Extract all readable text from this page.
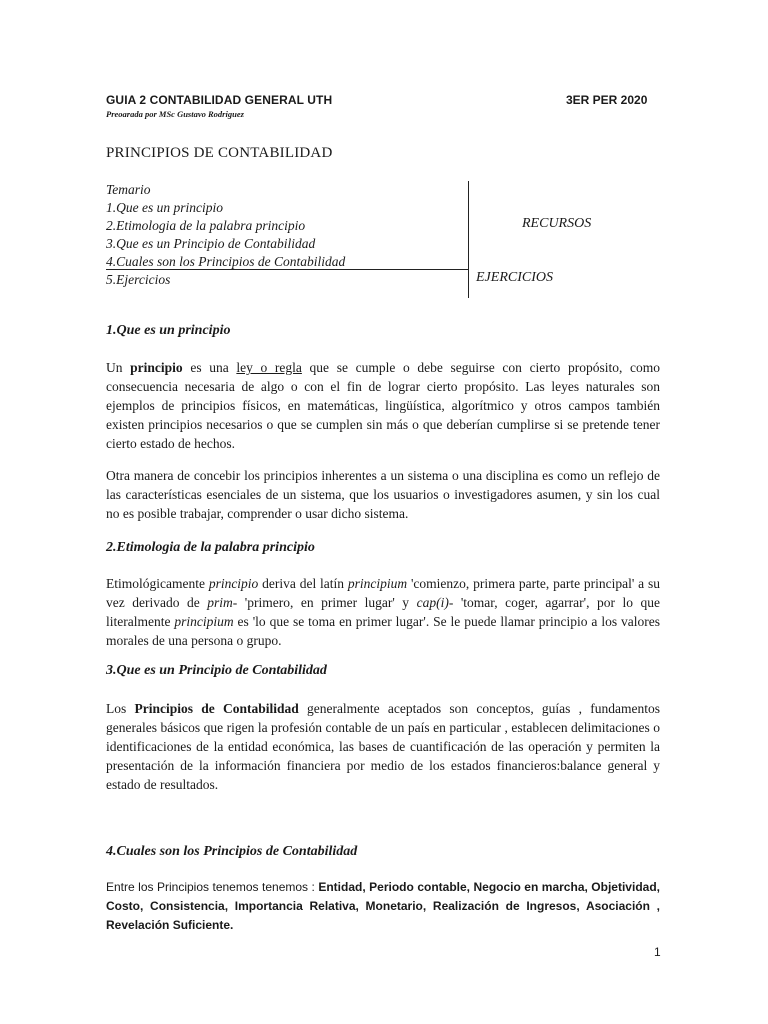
GUIA 2 CONTABILIDAD GENERAL UTH	3ER PER 2020
Preoarada por MSc Gustavo Rodriguez
PRINCIPIOS DE CONTABILIDAD
Temario
1.Que es un principio
2.Etimologia de la palabra principio
3.Que es un Principio de Contabilidad
4.Cuales son los Principios de Contabilidad
5.Ejercicios
RECURSOS
EJERCICIOS
1.Que es un principio
Un principio es una ley o regla que se cumple o debe seguirse con cierto propósito, como consecuencia necesaria de algo o con el fin de lograr cierto propósito. Las leyes naturales son ejemplos de principios físicos, en matemáticas, lingüística, algorítmico y otros campos también existen principios necesarios o que se cumplen sin más o que deberían cumplirse si se pretende tener cierto estado de hechos.
Otra manera de concebir los principios inherentes a un sistema o una disciplina es como un reflejo de las características esenciales de un sistema, que los usuarios o investigadores asumen, y sin los cual no es posible trabajar, comprender o usar dicho sistema.
2.Etimologia de la palabra principio
Etimológicamente principio deriva del latín principium 'comienzo, primera parte, parte principal' a su vez derivado de prim- 'primero, en primer lugar' y cap(i)- 'tomar, coger, agarrar', por lo que literalmente principium es 'lo que se toma en primer lugar'. Se le puede llamar principio a los valores morales de una persona o grupo.
3.Que es un Principio de Contabilidad
Los Principios de Contabilidad generalmente aceptados son conceptos, guías , fundamentos generales básicos que rigen la profesión contable de un país en particular , establecen delimitaciones o identificaciones de la entidad económica, las bases de cuantificación de las operación y permiten la presentación de la información financiera por medio de los estados financieros:balance general y estado de resultados.
4.Cuales son los Principios de Contabilidad
Entre los Principios tenemos tenemos : Entidad, Periodo contable, Negocio en marcha, Objetividad, Costo, Consistencia, Importancia Relativa, Monetario, Realización de Ingresos, Asociación , Revelación Suficiente.
1
